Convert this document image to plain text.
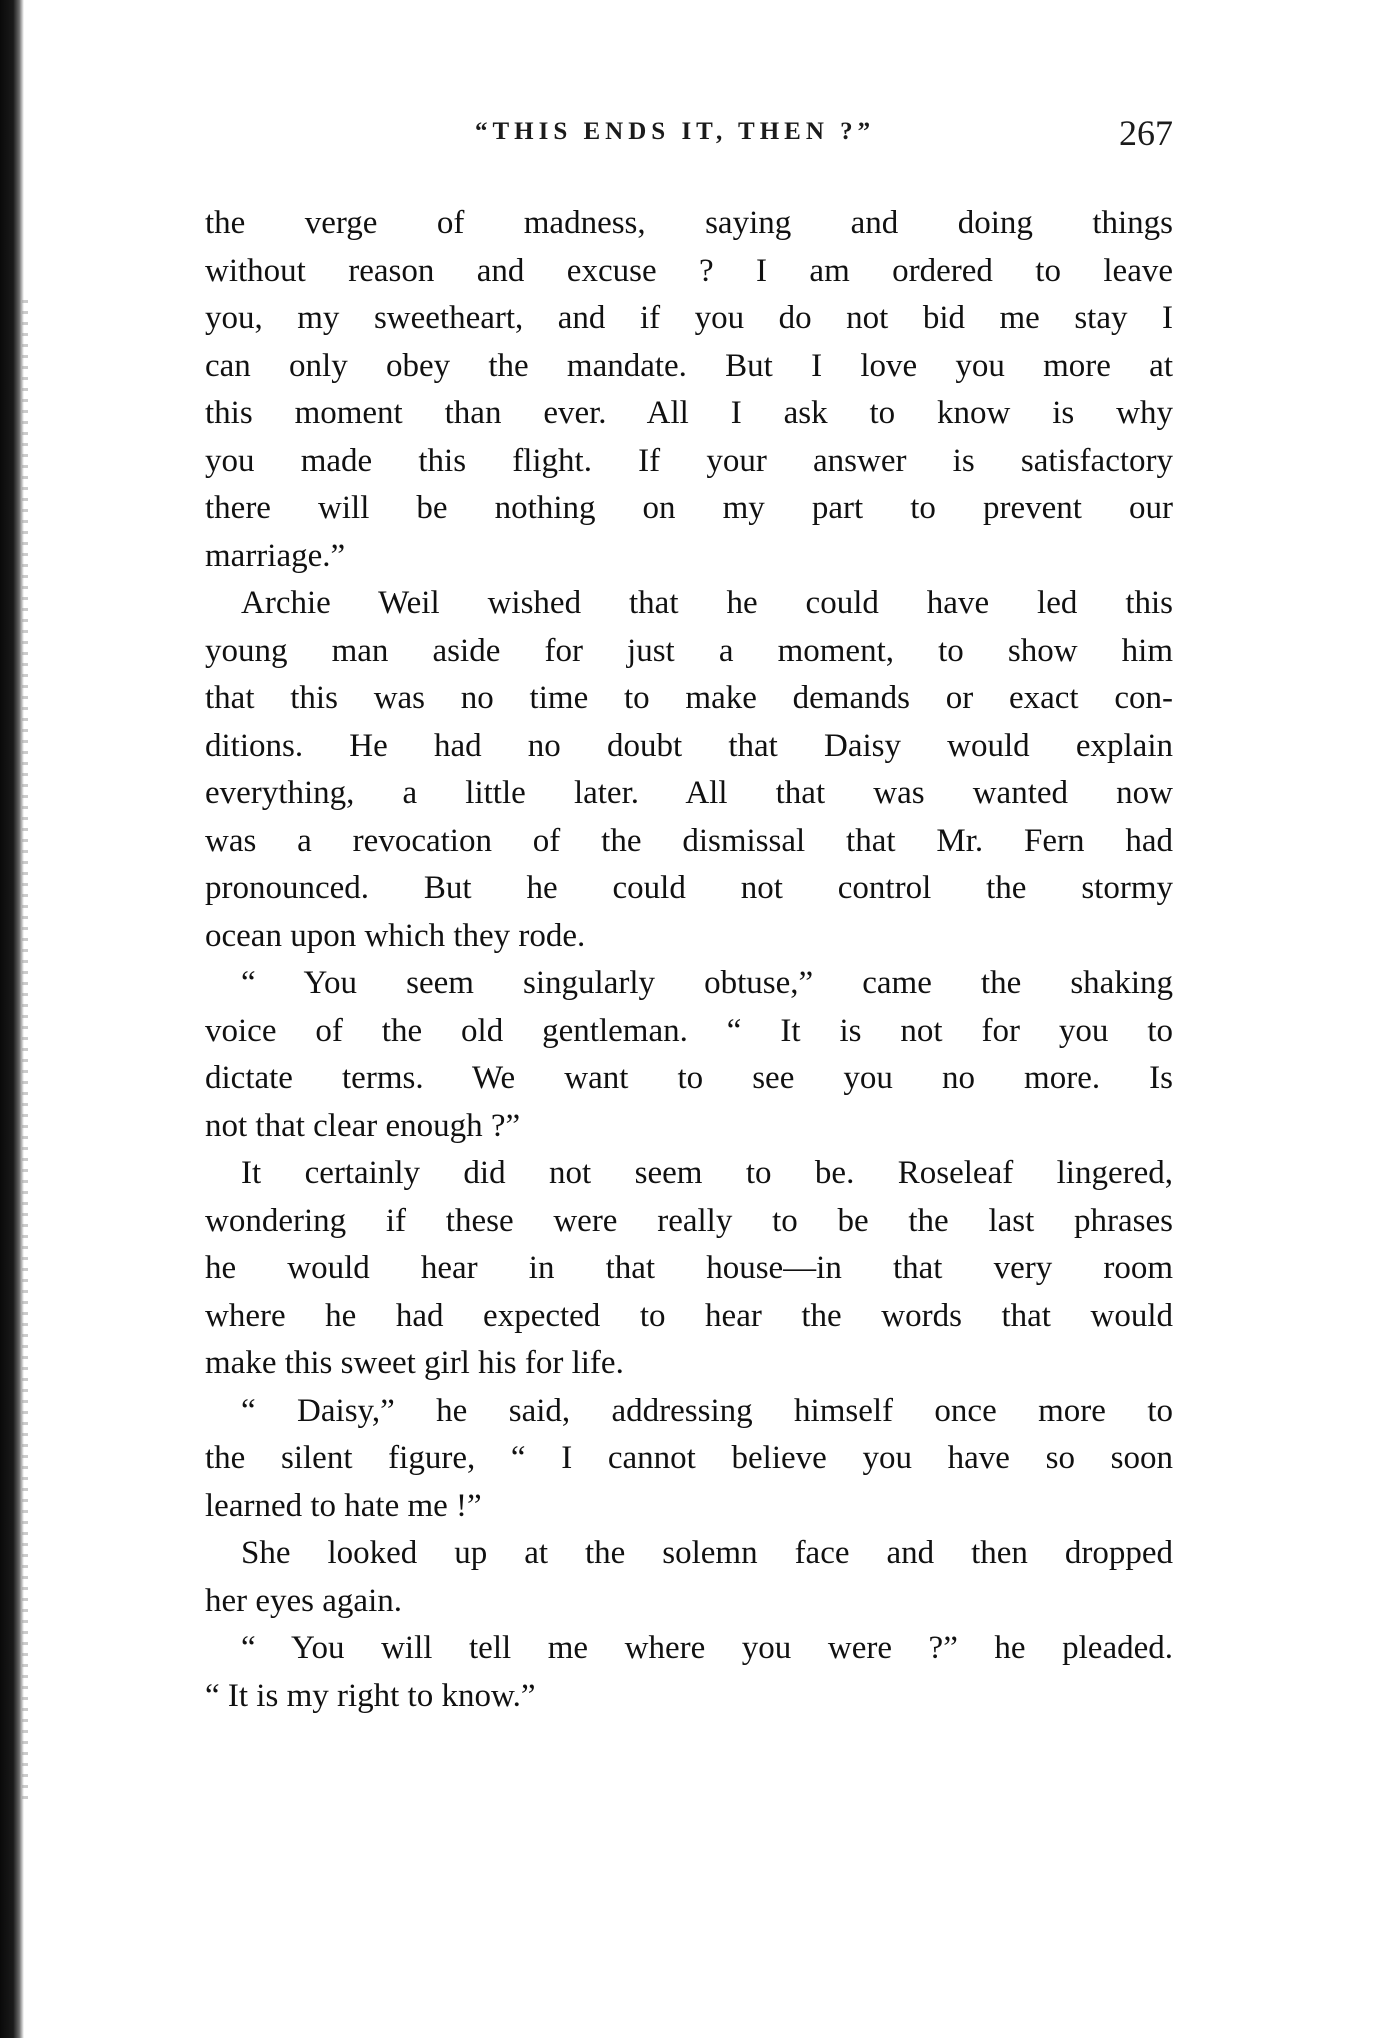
“THIS ENDS IT, THEN ?”	267
the verge of madness, saying and doing things
without reason and excuse ? I am ordered to leave
you, my sweetheart, and if you do not bid me stay I
can only obey the mandate. But I love you more at
this moment than ever. All I ask to know is why
you made this flight. If your answer is satisfactory
there will be nothing on my part to prevent our
marriage.”
Archie Weil wished that he could have led this
young man aside for just a moment, to show him
that this was no time to make demands or exact con-
ditions. He had no doubt that Daisy would explain
everything, a little later. All that was wanted now
was a revocation of the dismissal that Mr. Fern had
pronounced. But he could not control the stormy
ocean upon which they rode.
“ You seem singularly obtuse,” came the shaking
voice of the old gentleman. “ It is not for you to
dictate terms. We want to see you no more. Is
not that clear enough ?”
It certainly did not seem to be. Roseleaf lingered,
wondering if these were really to be the last phrases
he would hear in that house—in that very room
where he had expected to hear the words that would
make this sweet girl his for life.
“ Daisy,” he said, addressing himself once more to
the silent figure, “ I cannot believe you have so soon
learned to hate me !”
She looked up at the solemn face and then dropped
her eyes again.
“ You will tell me where you were ?” he pleaded.
“ It is my right to know.”
